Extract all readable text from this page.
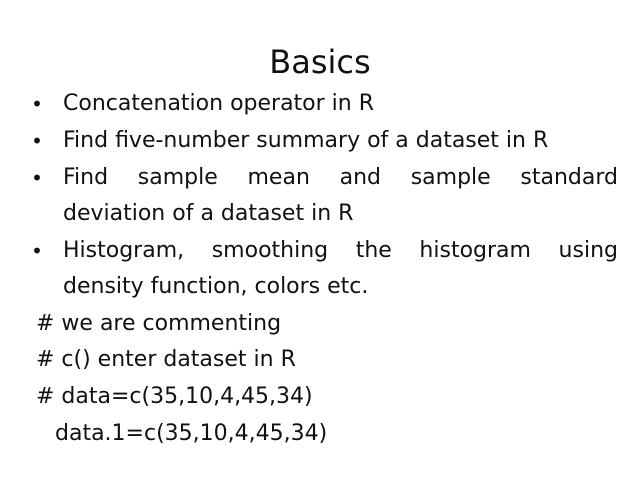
Basics
• Concatenation operator in R
• Find five-number summary of a dataset in R
• Find sample mean and sample standard
deviation of a dataset in R
• Histogram, smoothing the histogram using
density function, colors etc.
# we are commenting
# c() enter dataset in R
# data=c(35,10,4,45,34)
data.1=c(35,10,4,45,34)
